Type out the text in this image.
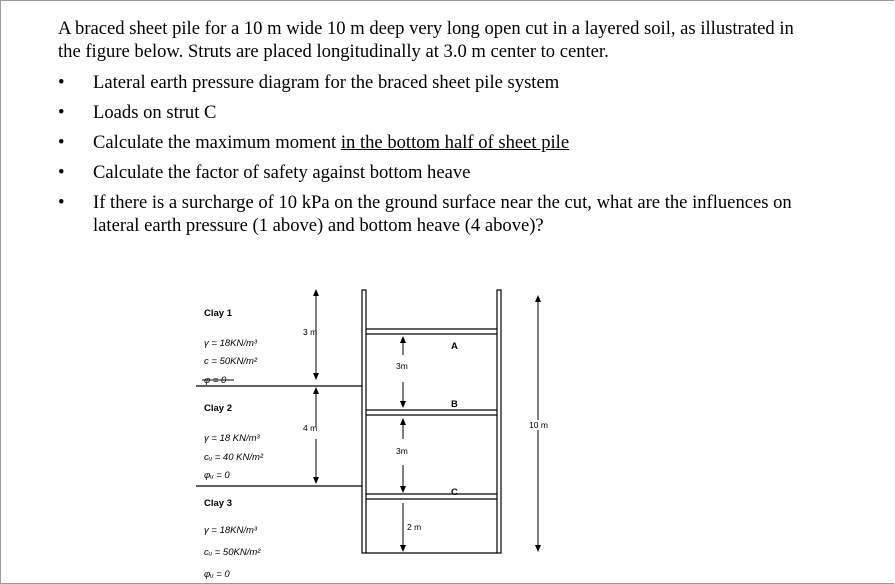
A braced sheet pile for a 10 m wide 10 m deep very long open cut in a layered soil, as illustrated in
the figure below. Struts are placed longitudinally at 3.0 m center to center.

• Lateral earth pressure diagram for the braced sheet pile system
• Loads on strut C
• Calculate the maximum moment in the bottom half of sheet pile
• Calculate the factor of safety against bottom heave
• If there is a surcharge of 10 kPa on the ground surface near the cut, what are the influences on
lateral earth pressure (1 above) and bottom heave (4 above)?
A
B
C
3 m
4 m
3m
3m
2 m
10 m
Clay 1
γ = 18KN/m³
c = 50KN/m²
φ = 0
Clay 2
γ = 18 KN/m³
cᵤ = 40 KN/m²
φᵤ = 0
Clay 3
γ = 18KN/m³
cᵤ = 50KN/m²
φᵤ = 0
